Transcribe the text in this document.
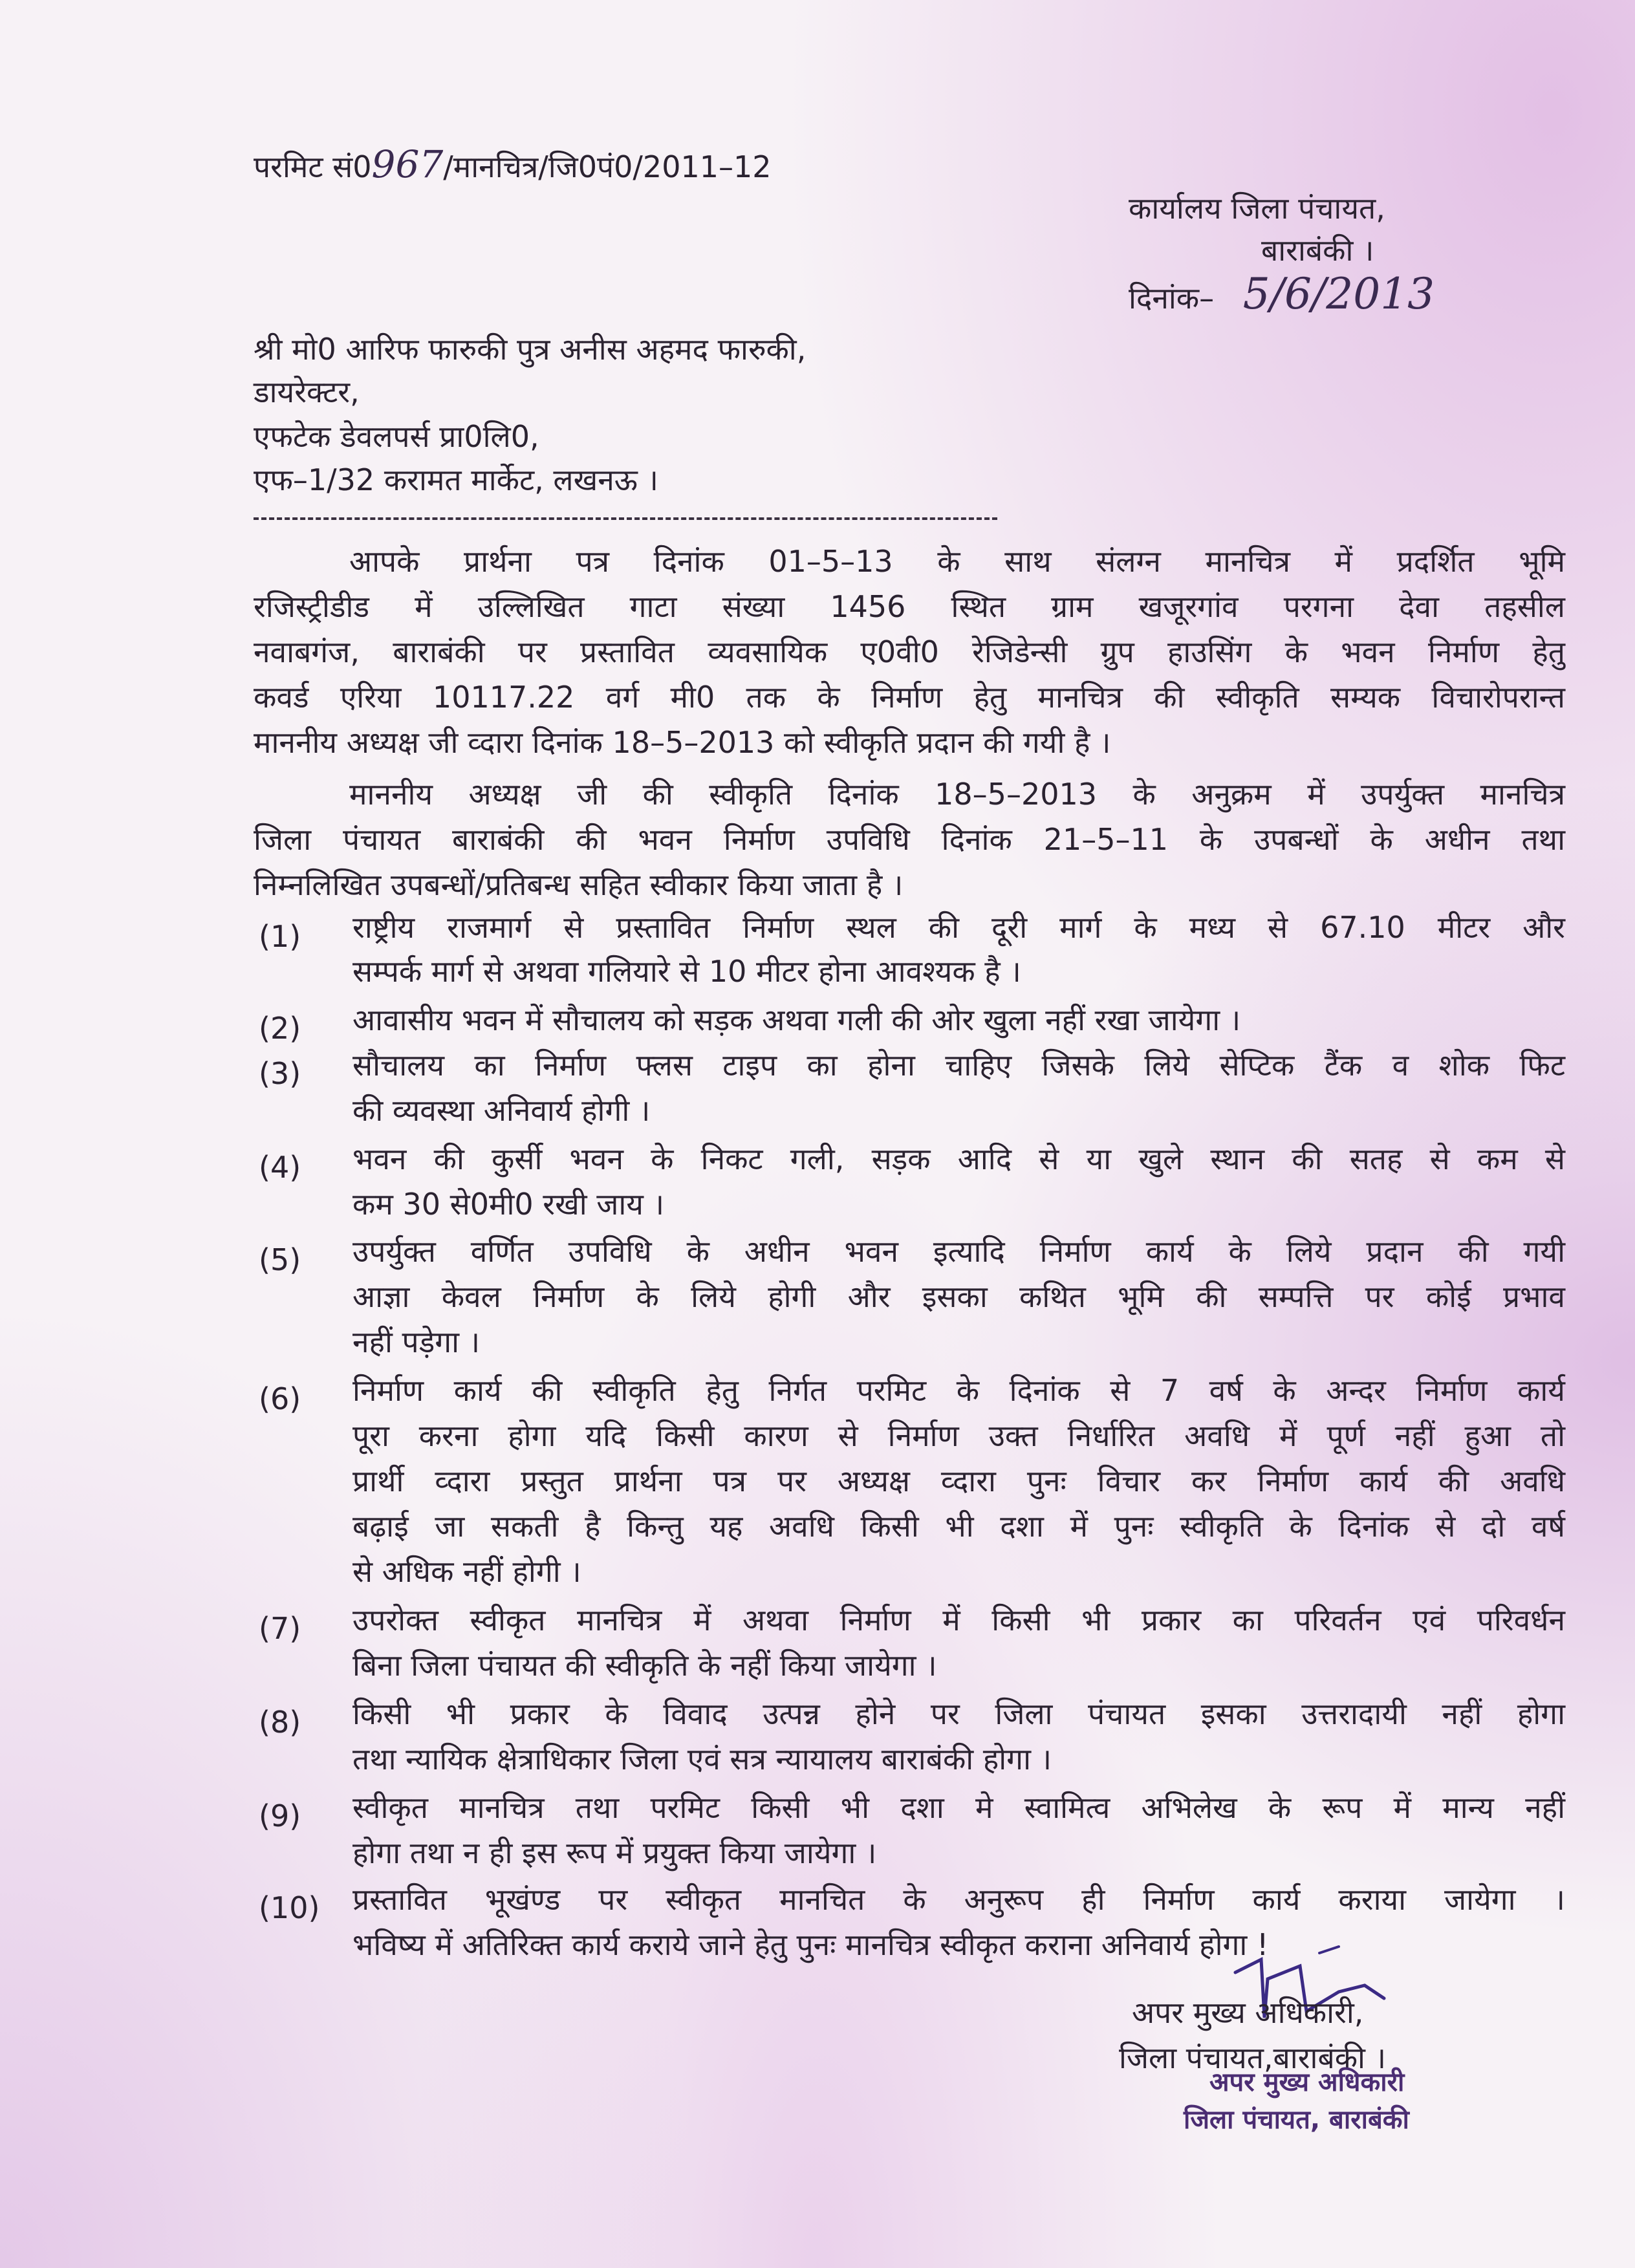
परमिट सं0967/मानचित्र/जि0पं0/2011–12
कार्यालय जिला पंचायत,
बाराबंकी ।
दिनांक– 5/6/2013
श्री मो0 आरिफ फारुकी पुत्र अनीस अहमद फारुकी,
डायरेक्टर,
एफटेक डेवलपर्स प्रा0लि0,
एफ–1/32 करामत मार्केट, लखनऊ ।
आपके प्रार्थना पत्र दिनांक 01–5–13 के साथ संलग्न मानचित्र में प्रदर्शित भूमि
रजिस्ट्रीडीड में उल्लिखित गाटा संख्या 1456 स्थित ग्राम खजूरगांव परगना देवा तहसील
नवाबगंज, बाराबंकी पर प्रस्तावित व्यवसायिक ए0वी0 रेजिडेन्सी ग्रुप हाउसिंग के भवन निर्माण हेतु
कवर्ड एरिया 10117.22 वर्ग मी0 तक के निर्माण हेतु मानचित्र की स्वीकृति सम्यक विचारोपरान्त
माननीय अध्यक्ष जी व्दारा दिनांक 18–5–2013 को स्वीकृति प्रदान की गयी है ।
माननीय अध्यक्ष जी की स्वीकृति दिनांक 18–5–2013 के अनुक्रम में उपर्युक्त मानचित्र
जिला पंचायत बाराबंकी की भवन निर्माण उपविधि दिनांक 21–5–11 के उपबन्धों के अधीन तथा
निम्नलिखित उपबन्धों/प्रतिबन्ध सहित स्वीकार किया जाता है ।
(1) राष्ट्रीय राजमार्ग से प्रस्तावित निर्माण स्थल की दूरी मार्ग के मध्य से 67.10 मीटर और
सम्पर्क मार्ग से अथवा गलियारे से 10 मीटर होना आवश्यक है ।
(2) आवासीय भवन में सौचालय को सड़क अथवा गली की ओर खुला नहीं रखा जायेगा ।
(3) सौचालय का निर्माण फ्लस टाइप का होना चाहिए जिसके लिये सेप्टिक टैंक व शोक फिट
की व्यवस्था अनिवार्य होगी ।
(4) भवन की कुर्सी भवन के निकट गली, सड़क आदि से या खुले स्थान की सतह से कम से
कम 30 से0मी0 रखी जाय ।
(5) उपर्युक्त वर्णित उपविधि के अधीन भवन इत्यादि निर्माण कार्य के लिये प्रदान की गयी
आज्ञा केवल निर्माण के लिये होगी और इसका कथित भूमि की सम्पत्ति पर कोई प्रभाव
नहीं पड़ेगा ।
(6) निर्माण कार्य की स्वीकृति हेतु निर्गत परमिट के दिनांक से 7 वर्ष के अन्दर निर्माण कार्य
पूरा करना होगा यदि किसी कारण से निर्माण उक्त निर्धारित अवधि में पूर्ण नहीं हुआ तो
प्रार्थी व्दारा प्रस्तुत प्रार्थना पत्र पर अध्यक्ष व्दारा पुनः विचार कर निर्माण कार्य की अवधि
बढ़ाई जा सकती है किन्तु यह अवधि किसी भी दशा में पुनः स्वीकृति के दिनांक से दो वर्ष
से अधिक नहीं होगी ।
(7) उपरोक्त स्वीकृत मानचित्र में अथवा निर्माण में किसी भी प्रकार का परिवर्तन एवं परिवर्धन
बिना जिला पंचायत की स्वीकृति के नहीं किया जायेगा ।
(8) किसी भी प्रकार के विवाद उत्पन्न होने पर जिला पंचायत इसका उत्तरादायी नहीं होगा
तथा न्यायिक क्षेत्राधिकार जिला एवं सत्र न्यायालय बाराबंकी होगा ।
(9) स्वीकृत मानचित्र तथा परमिट किसी भी दशा मे स्वामित्व अभिलेख के रूप में मान्य नहीं
होगा तथा न ही इस रूप में प्रयुक्त किया जायेगा ।
(10) प्रस्तावित भूखंण्ड पर स्वीकृत मानचित के अनुरूप ही निर्माण कार्य कराया जायेगा ।
भविष्य में अतिरिक्त कार्य कराये जाने हेतु पुनः मानचित्र स्वीकृत कराना अनिवार्य होगा !
अपर मुख्य अधिकारी,
जिला पंचायत,बाराबंकी ।
अपर मुख्य अधिकारी
जिला पंचायत, बाराबंकी
